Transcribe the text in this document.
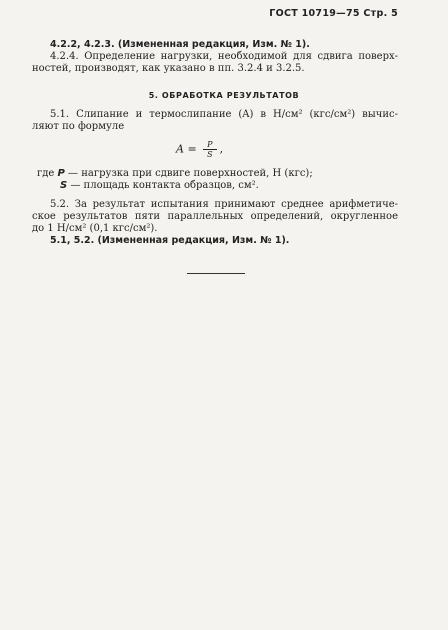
ГОСТ 10719—75 Стр. 5
4.2.2, 4.2.3. (Измененная редакция, Изм. № 1).
4.2.4. Определение нагрузки, необходимой для сдвига поверх-
ностей, производят, как указано в пп. 3.2.4 и 3.2.5.
5. ОБРАБОТКА РЕЗУЛЬТАТОВ
5.1. Слипание и термослипание (A) в Н/см² (кгс/см²) вычис-
ляют по формуле
$A = \frac{P}{S}$ ,
где P — нагрузка при сдвиге поверхностей, Н (кгс);
S — площадь контакта образцов, см².
5.2. За результат испытания принимают среднее арифметиче-
ское результатов пяти параллельных определений, округленное
до 1 Н/см² (0,1 кгс/см²).
5.1, 5.2. (Измененная редакция, Изм. № 1).
